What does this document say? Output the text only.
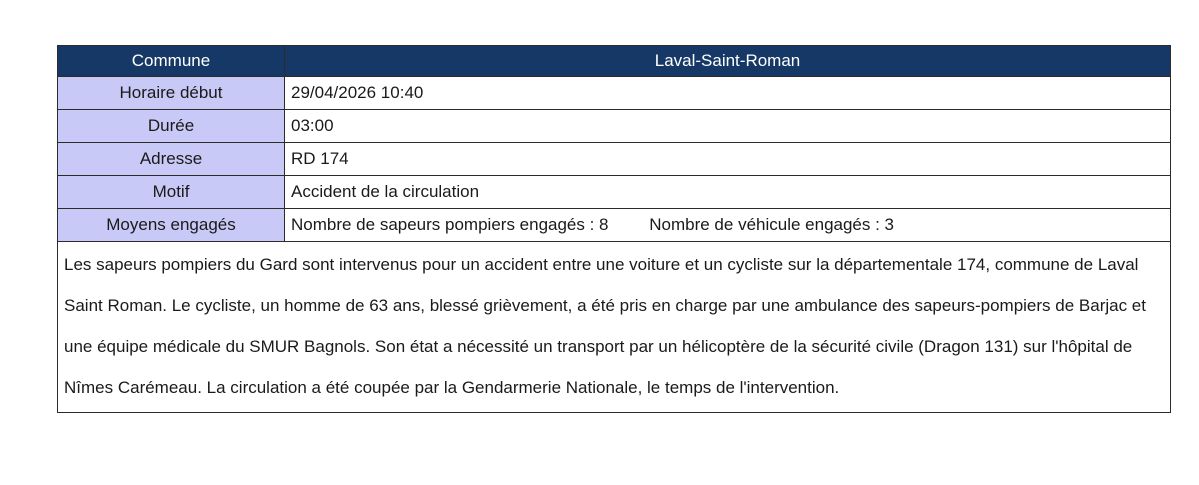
Commune	Laval-Saint-Roman
Horaire début	29/04/2026 10:40
Durée	03:00
Adresse	RD 174
Motif	Accident de la circulation
Moyens engagés	Nombre de sapeurs pompiers engagés : 8 Nombre de véhicule engagés : 3
Les sapeurs pompiers du Gard sont intervenus pour un accident entre une voiture et un cycliste sur la départementale 174, commune de Laval Saint Roman. Le cycliste, un homme de 63 ans, blessé grièvement, a été pris en charge par une ambulance des sapeurs-pompiers de Barjac et une équipe médicale du SMUR Bagnols. Son état a nécessité un transport par un hélicoptère de la sécurité civile (Dragon 131) sur l'hôpital de Nîmes Carémeau. La circulation a été coupée par la Gendarmerie Nationale, le temps de l'intervention.	
